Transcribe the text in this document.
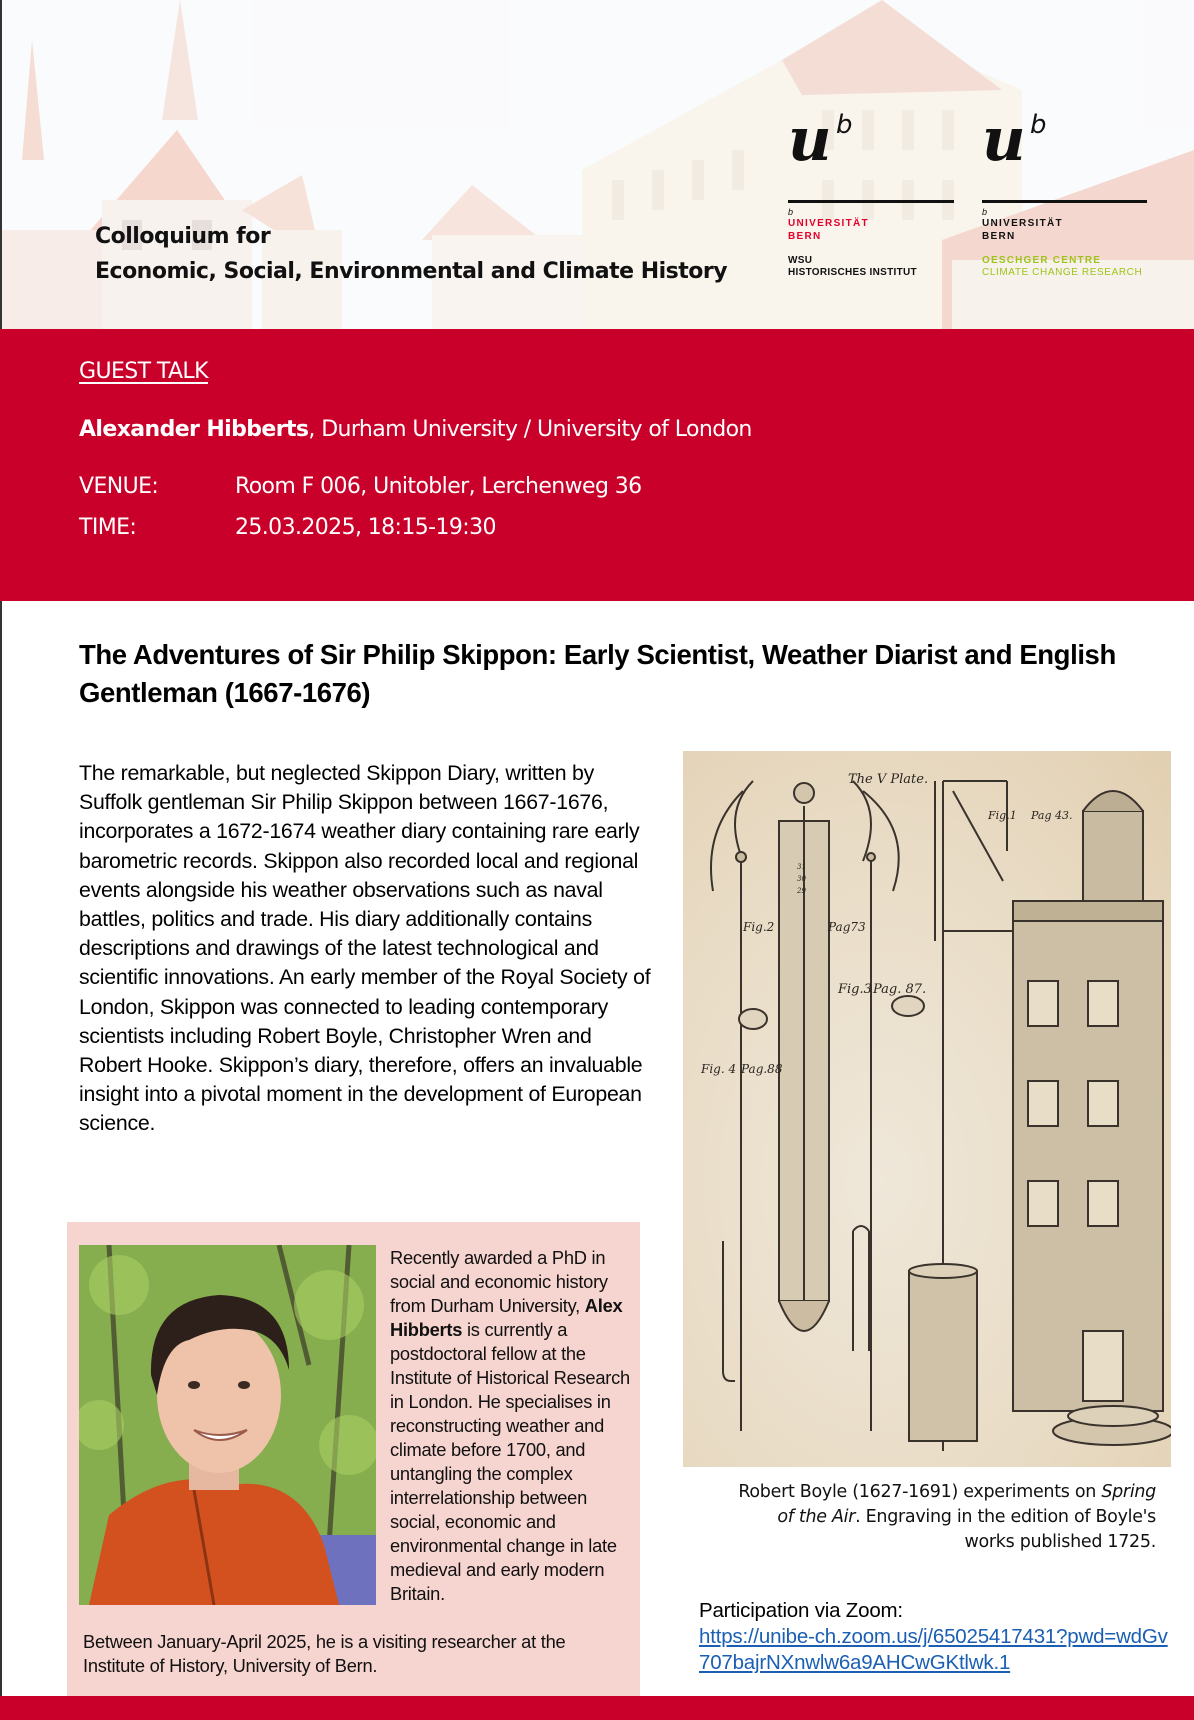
Colloquium for
Economic, Social, Environmental and Climate History
u b
b
UNIVERSITÄT
BERN
WSU
HISTORISCHES INSTITUT
u b
b
UNIVERSITÄT
BERN
OESCHGER CENTRE
CLIMATE CHANGE RESEARCH
GUEST TALK
Alexander Hibberts, Durham University / University of London
VENUE:	Room F 006, Unitobler, Lerchenweg 36
TIME:	25.03.2025, 18:15-19:30
The Adventures of Sir Philip Skippon: Early Scientist, Weather Diarist and English Gentleman (1667-1676)

The remarkable, but neglected Skippon Diary, written by Suffolk gentleman Sir Philip Skippon between 1667-1676, incorporates a 1672-1674 weather diary containing rare early barometric records. Skippon also recorded local and regional events alongside his weather observations such as naval battles, politics and trade. His diary additionally contains descriptions and drawings of the latest technological and scientific innovations. An early member of the Royal Society of London, Skippon was connected to leading contemporary scientists including Robert Boyle, Christopher Wren and Robert Hooke. Skippon’s diary, therefore, offers an invaluable insight into a pivotal moment in the development of European science.

The V Plate.
Fig.1 Pag 43.
Fig.2	Pag73
Fig.3 Pag. 87.
Fig. 4 Pag.88
31
30
29
Robert Boyle (1627-1691) experiments on Spring of the Air. Engraving in the edition of Boyle's works published 1725.
Participation via Zoom:
https://unibe-ch.zoom.us/j/65025417431?pwd=wdGv707bajrNXnwlw6a9AHCwGKtlwk.1

Recently awarded a PhD in social and economic history from Durham University, Alex Hibberts is currently a postdoctoral fellow at the Institute of Historical Research in London. He specialises in reconstructing weather and climate before 1700, and untangling the complex interrelationship between social, economic and environmental change in late medieval and early modern Britain.

Between January-April 2025, he is a visiting researcher at the Institute of History, University of Bern.
